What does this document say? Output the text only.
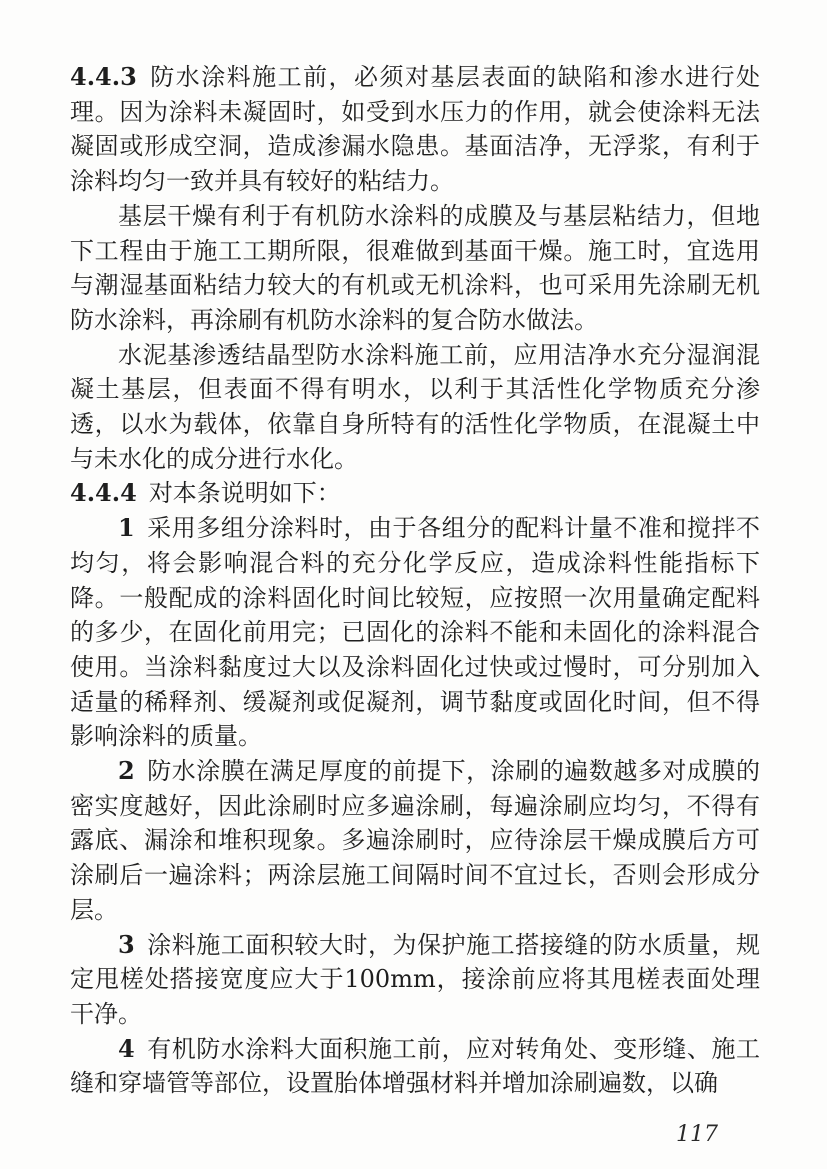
4.4.3 防水涂料施工前，必须对基层表面的缺陷和渗水进行处理。因为涂料未凝固时，如受到水压力的作用，就会使涂料无法凝固或形成空洞，造成渗漏水隐患。基面洁净，无浮浆，有利于涂料均匀一致并具有较好的粘结力。

基层干燥有利于有机防水涂料的成膜及与基层粘结力，但地下工程由于施工工期所限，很难做到基面干燥。施工时，宜选用与潮湿基面粘结力较大的有机或无机涂料，也可采用先涂刷无机防水涂料，再涂刷有机防水涂料的复合防水做法。

水泥基渗透结晶型防水涂料施工前，应用洁净水充分湿润混凝土基层，但表面不得有明水，以利于其活性化学物质充分渗透，以水为载体，依靠自身所特有的活性化学物质，在混凝土中与未水化的成分进行水化。

4.4.4 对本条说明如下：

1 采用多组分涂料时，由于各组分的配料计量不准和搅拌不均匀，将会影响混合料的充分化学反应，造成涂料性能指标下降。一般配成的涂料固化时间比较短，应按照一次用量确定配料的多少，在固化前用完；已固化的涂料不能和未固化的涂料混合使用。当涂料黏度过大以及涂料固化过快或过慢时，可分别加入适量的稀释剂、缓凝剂或促凝剂，调节黏度或固化时间，但不得影响涂料的质量。

2 防水涂膜在满足厚度的前提下，涂刷的遍数越多对成膜的密实度越好，因此涂刷时应多遍涂刷，每遍涂刷应均匀，不得有露底、漏涂和堆积现象。多遍涂刷时，应待涂层干燥成膜后方可涂刷后一遍涂料；两涂层施工间隔时间不宜过长，否则会形成分层。

3 涂料施工面积较大时，为保护施工搭接缝的防水质量，规定甩槎处搭接宽度应大于100mm，接涂前应将其甩槎表面处理干净。

4 有机防水涂料大面积施工前，应对转角处、变形缝、施工缝和穿墙管等部位，设置胎体增强材料并增加涂刷遍数，以确

117
